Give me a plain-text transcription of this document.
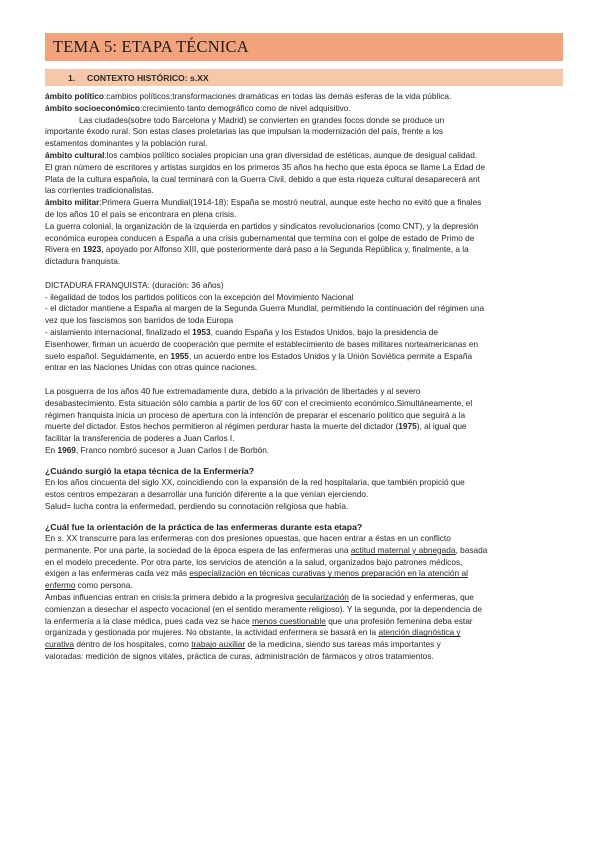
TEMA 5: ETAPA TÉCNICA
1.	CONTEXTO HISTÓRICO: s.XX

ámbito político:cambios políticos;transformaciones dramáticas en todas las demás esferas de la vida pública.

ámbito socioeconómico:crecimiento tanto demográfico como de nivel adquisitivo.

Las ciudades(sobre todo Barcelona y Madrid) se convierten en grandes focos donde se produce un

importante éxodo rural. Son estas clases proletarias las que impulsan la modernización del país, frente a los

estamentos dominantes y la población rural.

ámbito cultural:los cambios político sociales propician una gran diversidad de estéticas, aunque de desigual calidad.

El gran número de escritores y artistas surgidos en los primeros 35 años ha hecho que esta época se llame La Edad de

Plata de la cultura española, la cual terminará con la Guerra Civil, debido a que esta riqueza cultural desaparecerá ant

las corrientes tradicionalistas.

ámbito militar:Primera Guerra Mundial(1914-18): España se mostró neutral, aunque este hecho no evitó que a finales

de los años 10 el país se encontrara en plena crisis.

La guerra colonial, la organización de la izquierda en partidos y sindicatos revolucionarios (como CNT), y la depresión

económica europea conducen a España a una crisis gubernamental que termina con el golpe de estado de Primo de

Rivera en 1923, apoyado por Alfonso XIII, que posteriormente dará paso a la Segunda República y, finalmente, a la

dictadura franquista.

DICTADURA FRANQUISTA: (duración: 36 años)

- ilegalidad de todos los partidos políticos con la excepción del Movimiento Nacional

- el dictador mantiene a España al margen de la Segunda Guerra Mundial, permitiendo la continuación del régimen una

vez que los fascismos son barridos de toda Europa

- aislamiento internacional, finalizado el 1953, cuando España y los Estados Unidos, bajo la presidencia de

Eisenhower, firman un acuerdo de cooperación que permite el establecimiento de bases militares norteamericanas en

suelo español. Seguidamente, en 1955, un acuerdo entre los Estados Unidos y la Unión Soviética permite a España

entrar en las Naciones Unidas con otras quince naciones.

La posguerra de los años 40 fue extremadamente dura, debido a la privación de libertades y al severo

desabastecimiento. Esta situación sólo cambia a partir de los 60' con el crecimiento económico.Simultáneamente, el

régimen franquista inicia un proceso de apertura con la intención de preparar el escenario político que seguirá a la

muerte del dictador. Estos hechos permitieron al régimen perdurar hasta la muerte del dictador (1975), al igual que

facilitar la transferencia de poderes a Juan Carlos I.

En 1969, Franco nombró sucesor a Juan Carlos I de Borbón.

¿Cuándo surgió la etapa técnica de la Enfermería?

En los años cincuenta del siglo XX, coincidiendo con la expansión de la red hospitalaria, que también propició que

estos centros empezaran a desarrollar una función diferente a la que venían ejerciendo.

Salud= lucha contra la enfermedad, perdiendo su connotación religiosa que había.

¿Cuál fue la orientación de la práctica de las enfermeras durante esta etapa?

En s. XX transcurre para las enfermeras con dos presiones opuestas, que hacen entrar a éstas en un conflicto

permanente. Por una parte, la sociedad de la época espera de las enfermeras una actitud maternal y abnegada, basada

en el modelo precedente. Por otra parte, los servicios de atención a la salud, organizados bajo patrones médicos,

exigen a las enfermeras cada vez más especialización en técnicas curativas y menos preparación en la atención al

enfermo como persona.

Ambas influencias entran en crisis:la primera debido a la progresiva secularización de la sociedad y enfermeras, que

comienzan a desechar el aspecto vocacional (en el sentido meramente religioso). Y la segunda, por la dependencia de

la enfermería a la clase médica, pues cada vez se hace menos cuestionable que una profesión femenina deba estar

organizada y gestionada por mujeres. No obstante, la actividad enfermera se basará en la atención diagnóstica y

curativa dentro de los hospitales, como trabajo auxiliar de la medicina, siendo sus tareas más importantes y

valoradas: medición de signos vitales, práctica de curas, administración de fármacos y otros tratamientos.
